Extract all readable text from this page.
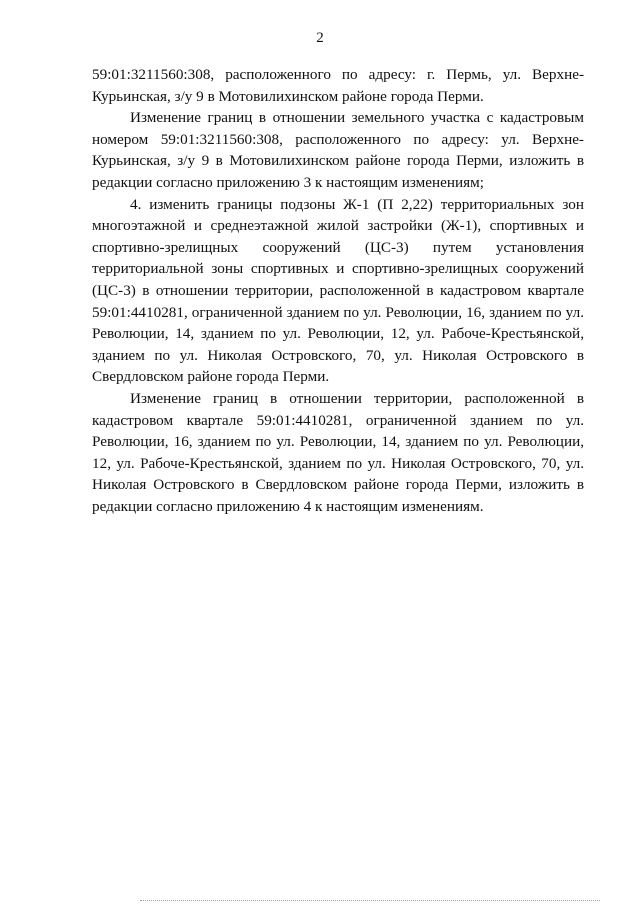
2

59:01:3211560:308, расположенного по адресу: г. Пермь, ул. Верхне-Курьинская, з/у 9 в Мотовилихинском районе города Перми.

Изменение границ в отношении земельного участка с кадастровым номером 59:01:3211560:308, расположенного по адресу: ул. Верхне-Курьинская, з/у 9 в Мотовилихинском районе города Перми, изложить в редакции согласно приложению 3 к настоящим изменениям;

4. изменить границы подзоны Ж-1 (П 2,22) территориальных зон многоэтажной и среднеэтажной жилой застройки (Ж-1), спортивных и спортивно-зрелищных сооружений (ЦС-3) путем установления территориальной зоны спортивных и спортивно-зрелищных сооружений (ЦС-3) в отношении территории, расположенной в кадастровом квартале 59:01:4410281, ограниченной зданием по ул. Революции, 16, зданием по ул. Революции, 14, зданием по ул. Революции, 12, ул. Рабоче-Крестьянской, зданием по ул. Николая Островского, 70, ул. Николая Островского в Свердловском районе города Перми.

Изменение границ в отношении территории, расположенной в кадастровом квартале 59:01:4410281, ограниченной зданием по ул. Революции, 16, зданием по ул. Революции, 14, зданием по ул. Революции, 12, ул. Рабоче-Крестьянской, зданием по ул. Николая Островского, 70, ул. Николая Островского в Свердловском районе города Перми, изложить в редакции согласно приложению 4 к настоящим изменениям.
